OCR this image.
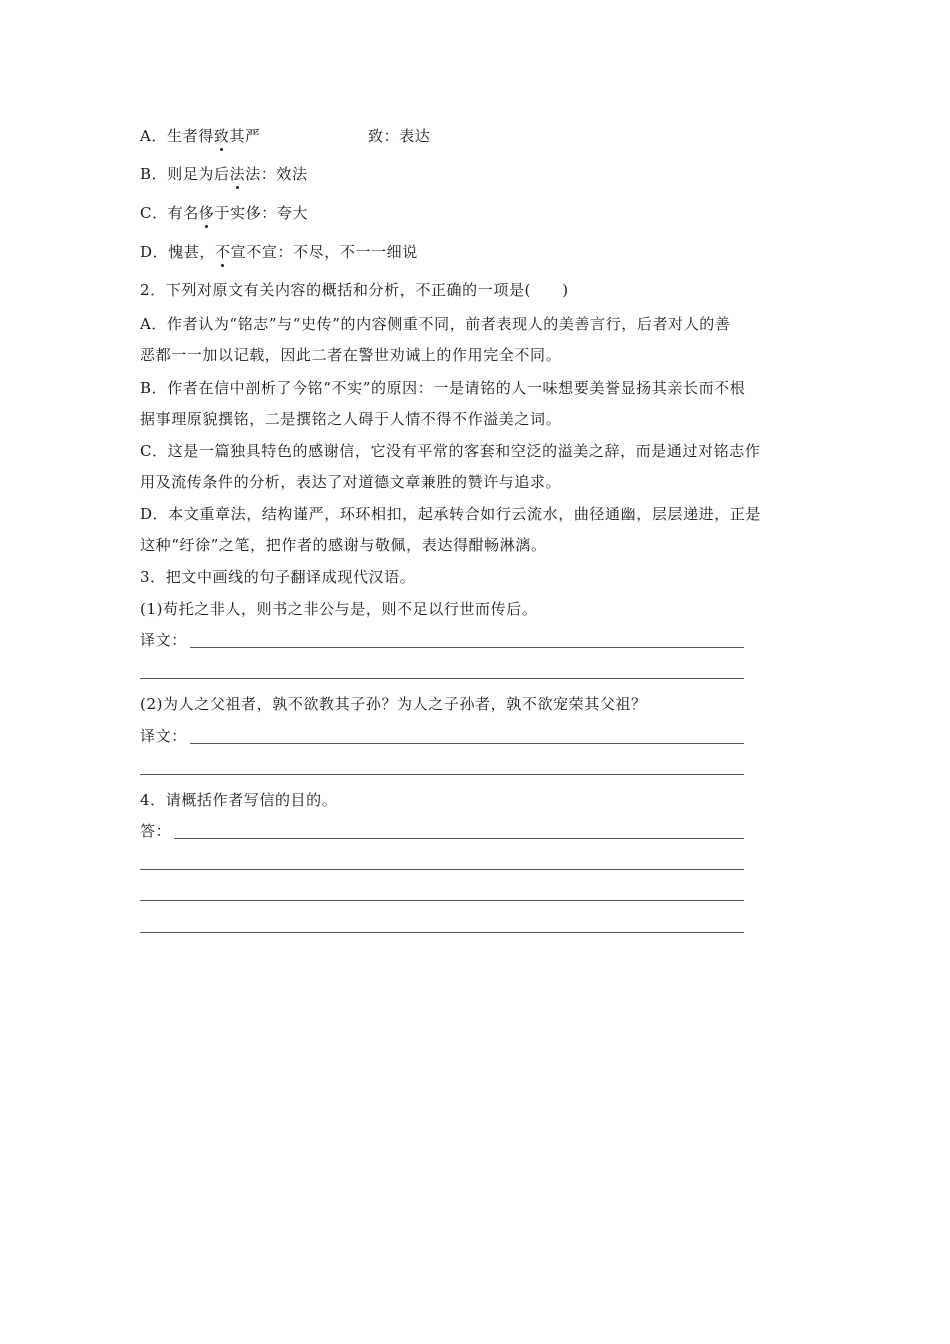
A．生者得致其严	致：表达
B．则足为后法法：效法
C．有名侈于实侈：夸大
D．愧甚，不宣不宣：不尽，不一一细说
2．下列对原文有关内容的概括和分析，不正确的一项是(　　)
A．作者认为“铭志”与“史传”的内容侧重不同，前者表现人的美善言行，后者对人的善
恶都一一加以记载，因此二者在警世劝诫上的作用完全不同。
B．作者在信中剖析了今铭“不实”的原因：一是请铭的人一味想要美誉显扬其亲长而不根
据事理原貌撰铭，二是撰铭之人碍于人情不得不作溢美之词。
C．这是一篇独具特色的感谢信，它没有平常的客套和空泛的溢美之辞，而是通过对铭志作
用及流传条件的分析，表达了对道德文章兼胜的赞许与追求。
D．本文重章法，结构谨严，环环相扣，起承转合如行云流水，曲径通幽，层层递进，正是
这种“纡徐”之笔，把作者的感谢与敬佩，表达得酣畅淋漓。
3．把文中画线的句子翻译成现代汉语。
(1)苟托之非人，则书之非公与是，则不足以行世而传后。
译文：
(2)为人之父祖者，孰不欲教其子孙？为人之子孙者，孰不欲宠荣其父祖？
译文：
4．请概括作者写信的目的。
答：
